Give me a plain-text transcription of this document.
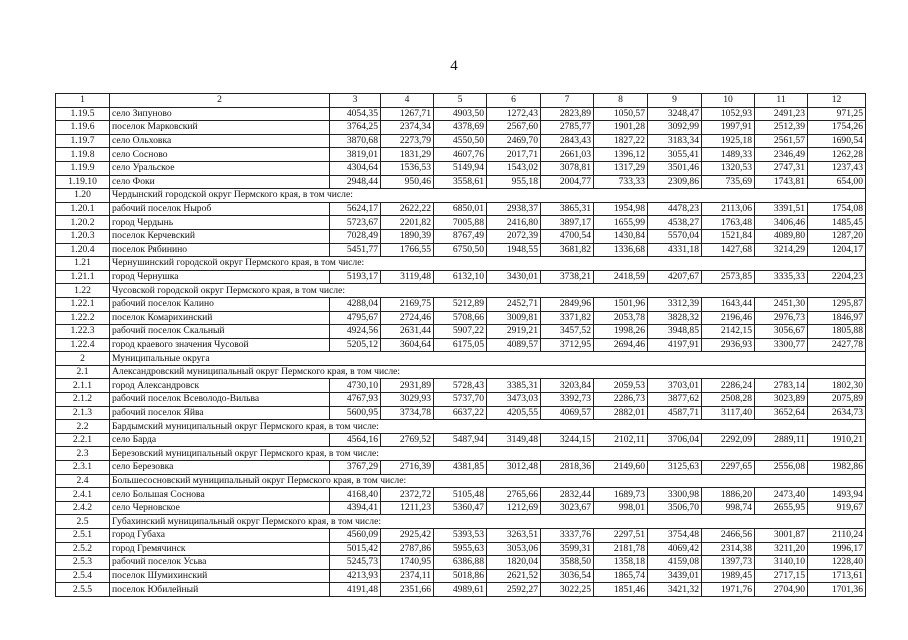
4
1	2	3	4	5	6	7	8	9	10	11	12
1.19.5	село Зипуново	4054,35	1267,71	4903,50	1272,43	2823,89	1050,57	3248,47	1052,93	2491,23	971,25
1.19.6	поселок Марковский	3764,25	2374,34	4378,69	2567,60	2785,77	1901,28	3092,99	1997,91	2512,39	1754,26
1.19.7	село Ольховка	3870,68	2273,79	4550,50	2469,70	2843,43	1827,22	3183,34	1925,18	2561,57	1690,54
1.19.8	село Сосново	3819,01	1831,29	4607,76	2017,71	2661,03	1396,12	3055,41	1489,33	2346,49	1262,28
1.19.9	село Уральское	4304,64	1536,53	5149,94	1543,02	3078,81	1317,29	3501,46	1320,53	2747,31	1237,43
1.19.10	село Фоки	2948,44	950,46	3558,61	955,18	2004,77	733,33	2309,86	735,69	1743,81	654,00
1.20	Чердынский городской округ Пермского края, в том числе:										
1.20.1	рабочий поселок Ныроб	5624,17	2622,22	6850,01	2938,37	3865,31	1954,98	4478,23	2113,06	3391,51	1754,08
1.20.2	город Чердынь	5723,67	2201,82	7005,88	2416,80	3897,17	1655,99	4538,27	1763,48	3406,46	1485,45
1.20.3	поселок Керчевский	7028,49	1890,39	8767,49	2072,39	4700,54	1430,84	5570,04	1521,84	4089,80	1287,20
1.20.4	поселок Рябинино	5451,77	1766,55	6750,50	1948,55	3681,82	1336,68	4331,18	1427,68	3214,29	1204,17
1.21	Чернушинский городской округ Пермского края, в том числе:										
1.21.1	город Чернушка	5193,17	3119,48	6132,10	3430,01	3738,21	2418,59	4207,67	2573,85	3335,33	2204,23
1.22	Чусовской городской округ Пермского края, в том числе:										
1.22.1	рабочий поселок Калино	4288,04	2169,75	5212,89	2452,71	2849,96	1501,96	3312,39	1643,44	2451,30	1295,87
1.22.2	поселок Комарихинский	4795,67	2724,46	5708,66	3009,81	3371,82	2053,78	3828,32	2196,46	2976,73	1846,97
1.22.3	рабочий поселок Скальный	4924,56	2631,44	5907,22	2919,21	3457,52	1998,26	3948,85	2142,15	3056,67	1805,88
1.22.4	город краевого значения Чусовой	5205,12	3604,64	6175,05	4089,57	3712,95	2694,46	4197,91	2936,93	3300,77	2427,78
2	Муниципальные округа										
2.1	Александровский муниципальный округ Пермского края, в том числе:										
2.1.1	город Александровск	4730,10	2931,89	5728,43	3385,31	3203,84	2059,53	3703,01	2286,24	2783,14	1802,30
2.1.2	рабочий поселок Всеволодо-Вильва	4767,93	3029,93	5737,70	3473,03	3392,73	2286,73	3877,62	2508,28	3023,89	2075,89
2.1.3	рабочий поселок Яйва	5600,95	3734,78	6637,22	4205,55	4069,57	2882,01	4587,71	3117,40	3652,64	2634,73
2.2	Бардымский муниципальный округ Пермского края, в том числе:										
2.2.1	село Барда	4564,16	2769,52	5487,94	3149,48	3244,15	2102,11	3706,04	2292,09	2889,11	1910,21
2.3	Березовский муниципальный округ Пермского края, в том числе:										
2.3.1	село Березовка	3767,29	2716,39	4381,85	3012,48	2818,36	2149,60	3125,63	2297,65	2556,08	1982,86
2.4	Большесосновский муниципальный округ Пермского края, в том числе:										
2.4.1	село Большая Соснова	4168,40	2372,72	5105,48	2765,66	2832,44	1689,73	3300,98	1886,20	2473,40	1493,94
2.4.2	село Черновское	4394,41	1211,23	5360,47	1212,69	3023,67	998,01	3506,70	998,74	2655,95	919,67
2.5	Губахинский муниципальный округ Пермского края, в том числе:										
2.5.1	город Губаха	4560,09	2925,42	5393,53	3263,51	3337,76	2297,51	3754,48	2466,56	3001,87	2110,24
2.5.2	город Гремячинск	5015,42	2787,86	5955,63	3053,06	3599,31	2181,78	4069,42	2314,38	3211,20	1996,17
2.5.3	рабочий поселок Усьва	5245,73	1740,95	6386,88	1820,04	3588,50	1358,18	4159,08	1397,73	3140,10	1228,40
2.5.4	поселок Шумихинский	4213,93	2374,11	5018,86	2621,52	3036,54	1865,74	3439,01	1989,45	2717,15	1713,61
2.5.5	поселок Юбилейный	4191,48	2351,66	4989,61	2592,27	3022,25	1851,46	3421,32	1971,76	2704,90	1701,36
